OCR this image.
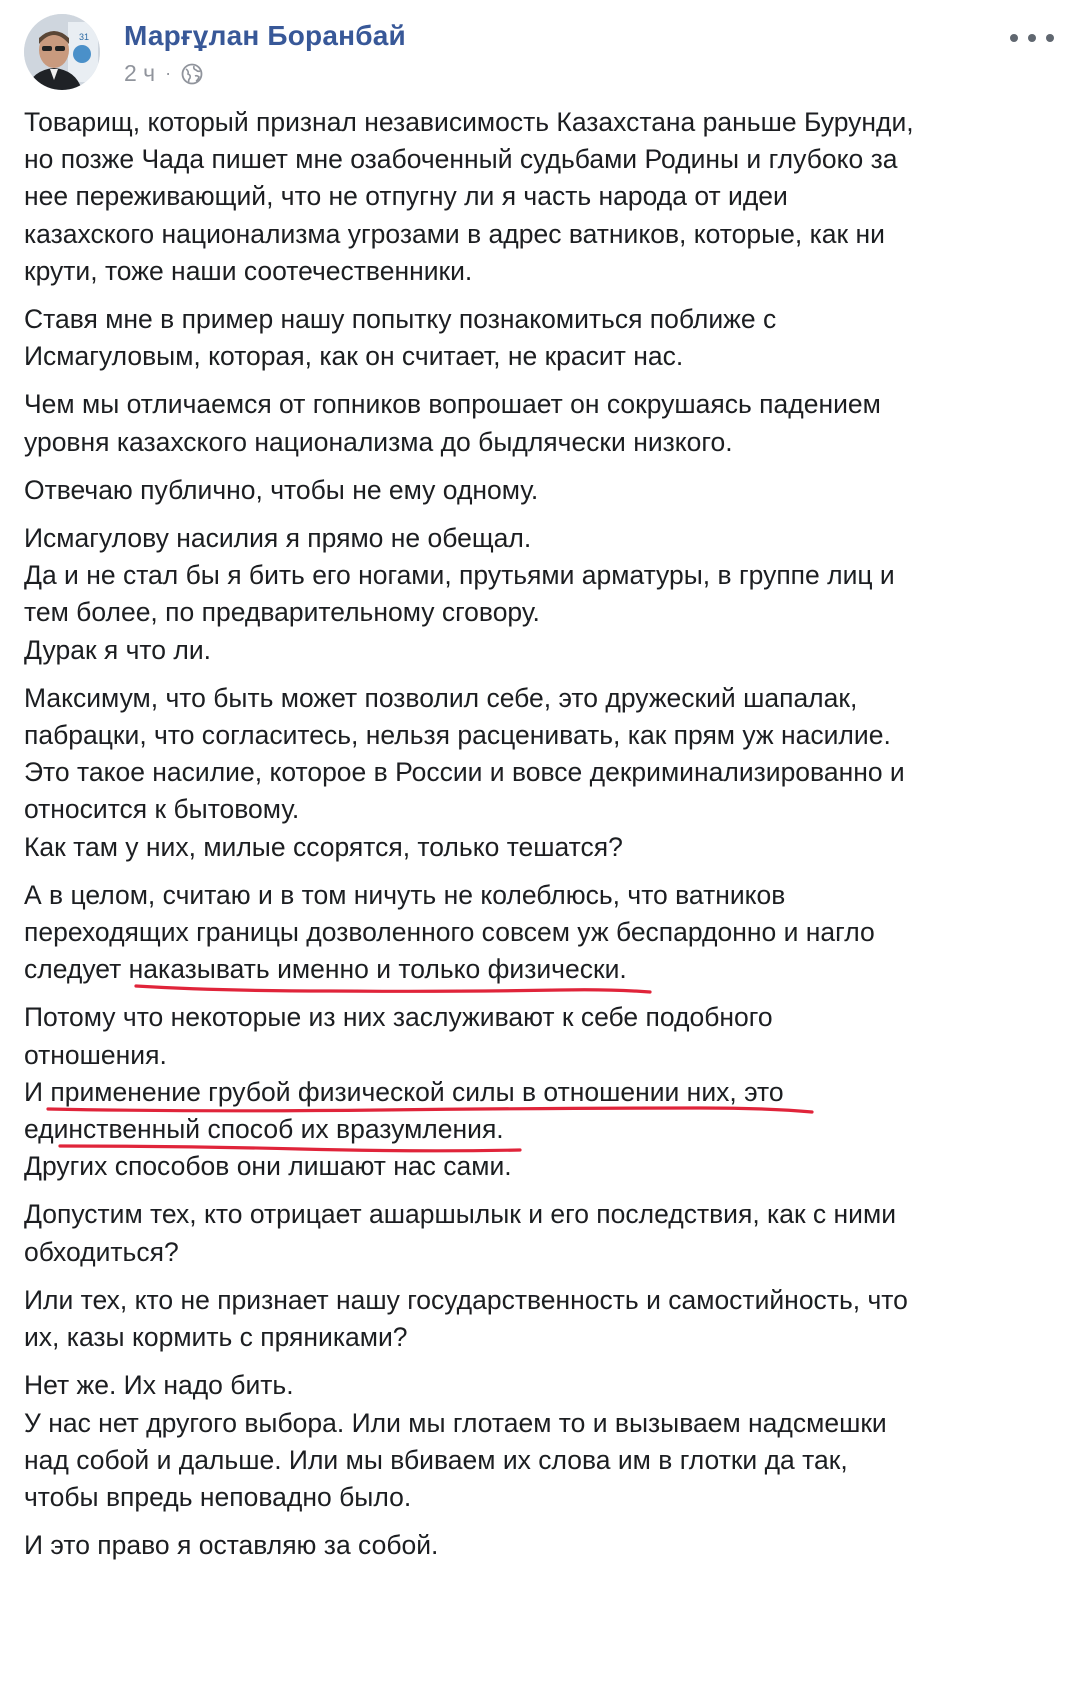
31 Марғұлан Боранбай
2 ч ·

Товарищ, который признал независимость Казахстана раньше Бурунди,
но позже Чада пишет мне озабоченный судьбами Родины и глубоко за
нее переживающий, что не отпугну ли я часть народа от идеи
казахского национализма угрозами в адрес ватников, которые, как ни
крути, тоже наши соотечественники.

Ставя мне в пример нашу попытку познакомиться поближе с
Исмагуловым, которая, как он считает, не красит нас.

Чем мы отличаемся от гопников вопрошает он сокрушаясь падением
уровня казахского национализма до быдлячески низкого.

Отвечаю публично, чтобы не ему одному.

Исмагулову насилия я прямо не обещал.
Да и не стал бы я бить его ногами, прутьями арматуры, в группе лиц и
тем более, по предварительному сговору.
Дурак я что ли.

Максимум, что быть может позволил себе, это дружеский шапалак,
пабрацки, что согласитесь, нельзя расценивать, как прям уж насилие.
Это такое насилие, которое в России и вовсе декриминализированно и
относится к бытовому.
Как там у них, милые ссорятся, только тешатся?

А в целом, считаю и в том ничуть не колеблюсь, что ватников
переходящих границы дозволенного совсем уж беспардонно и нагло
следует наказывать именно и только физически.

Потому что некоторые из них заслуживают к себе подобного
отношения.
И применение грубой физической силы в отношении них, это
единственный способ их вразумления.
Других способов они лишают нас сами.

Допустим тех, кто отрицает ашаршылык и его последствия, как с ними
обходиться?

Или тех, кто не признает нашу государственность и самостийность, что
их, казы кормить с пряниками?

Нет же. Их надо бить.
У нас нет другого выбора. Или мы глотаем то и вызываем надсмешки
над собой и дальше. Или мы вбиваем их слова им в глотки да так,
чтобы впредь неповадно было.

И это право я оставляю за собой.
